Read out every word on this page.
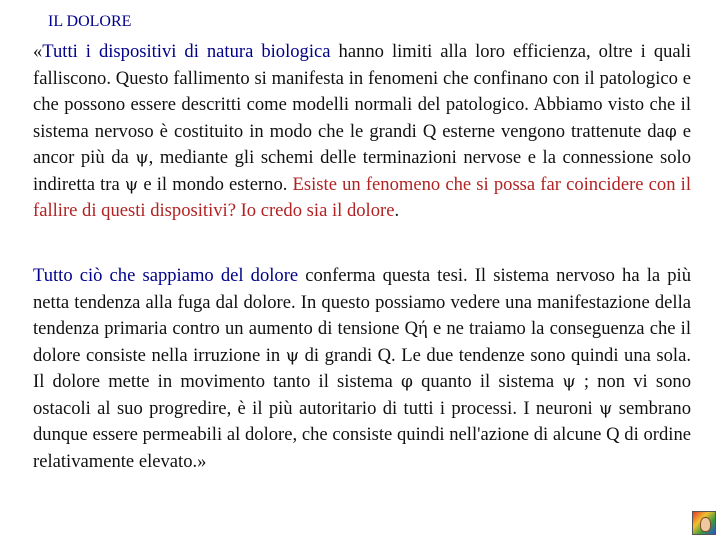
IL DOLORE

«Tutti i dispositivi di natura biologica hanno limiti alla loro efficienza, oltre i quali falliscono. Questo fallimento si manifesta in fenomeni che confinano con il patologico e che possono essere descritti come modelli normali del patologico. Abbiamo visto che il sistema nervoso è costituito in modo che le grandi Q esterne vengono trattenute daφ e ancor più da ψ, mediante gli schemi delle terminazioni nervose e la connessione solo indiretta tra ψ e il mondo esterno. Esiste un fenomeno che si possa far coincidere con il fallire di questi dispositivi? Io credo sia il dolore.

Tutto ciò che sappiamo del dolore conferma questa tesi. Il sistema nervoso ha la più netta tendenza alla fuga dal dolore. In questo possiamo vedere una manifestazione della tendenza primaria contro un aumento di tensione Qή e ne traiamo la conseguenza che il dolore consiste nella irruzione in ψ di grandi Q. Le due tendenze sono quindi una sola. Il dolore mette in movimento tanto il sistema φ quanto il sistema ψ ; non vi sono ostacoli al suo progredire, è il più autoritario di tutti i processi. I neuroni ψ sembrano dunque essere permeabili al dolore, che consiste quindi nell'azione di alcune Q di ordine relativamente elevato.»
